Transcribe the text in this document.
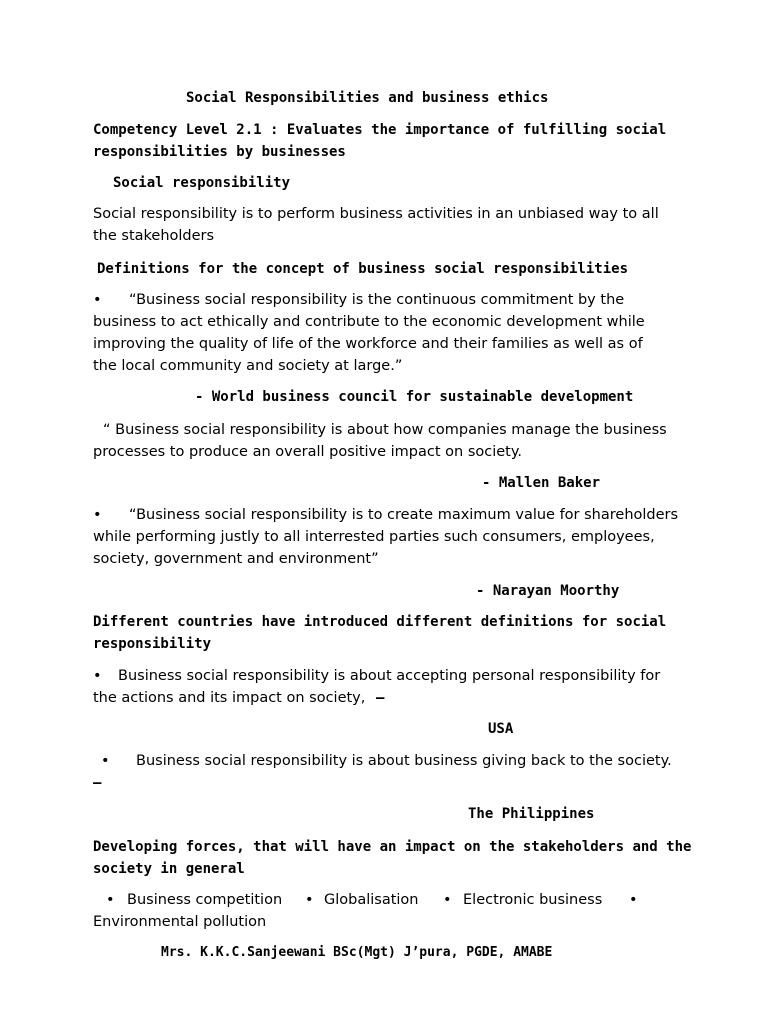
Social Responsibilities and business ethics
Competency Level 2.1 : Evaluates the importance of fulfilling social
responsibilities by businesses
Social responsibility
Social responsibility is to perform business activities in an unbiased way to all
the stakeholders
Definitions for the concept of business social responsibilities
• “Business social responsibility is the continuous commitment by the
business to act ethically and contribute to the economic development while
improving the quality of life of the workforce and their families as well as of
the local community and society at large.”
- World business council for sustainable development
“ Business social responsibility is about how companies manage the business
processes to produce an overall positive impact on society.
- Mallen Baker
• “Business social responsibility is to create maximum value for shareholders
while performing justly to all interrested parties such consumers, employees,
society, government and environment”
- Narayan Moorthy
Different countries have introduced different definitions for social
responsibility
• Business social responsibility is about accepting personal responsibility for
the actions and its impact on society, –
USA
• Business social responsibility is about business giving back to the society.
–
The Philippines
Developing forces, that will have an impact on the stakeholders and the
society in general
• Business competition • Globalisation • Electronic business •
Environmental pollution
Mrs. K.K.C.Sanjeewani BSc(Mgt) J’pura, PGDE, AMABE
